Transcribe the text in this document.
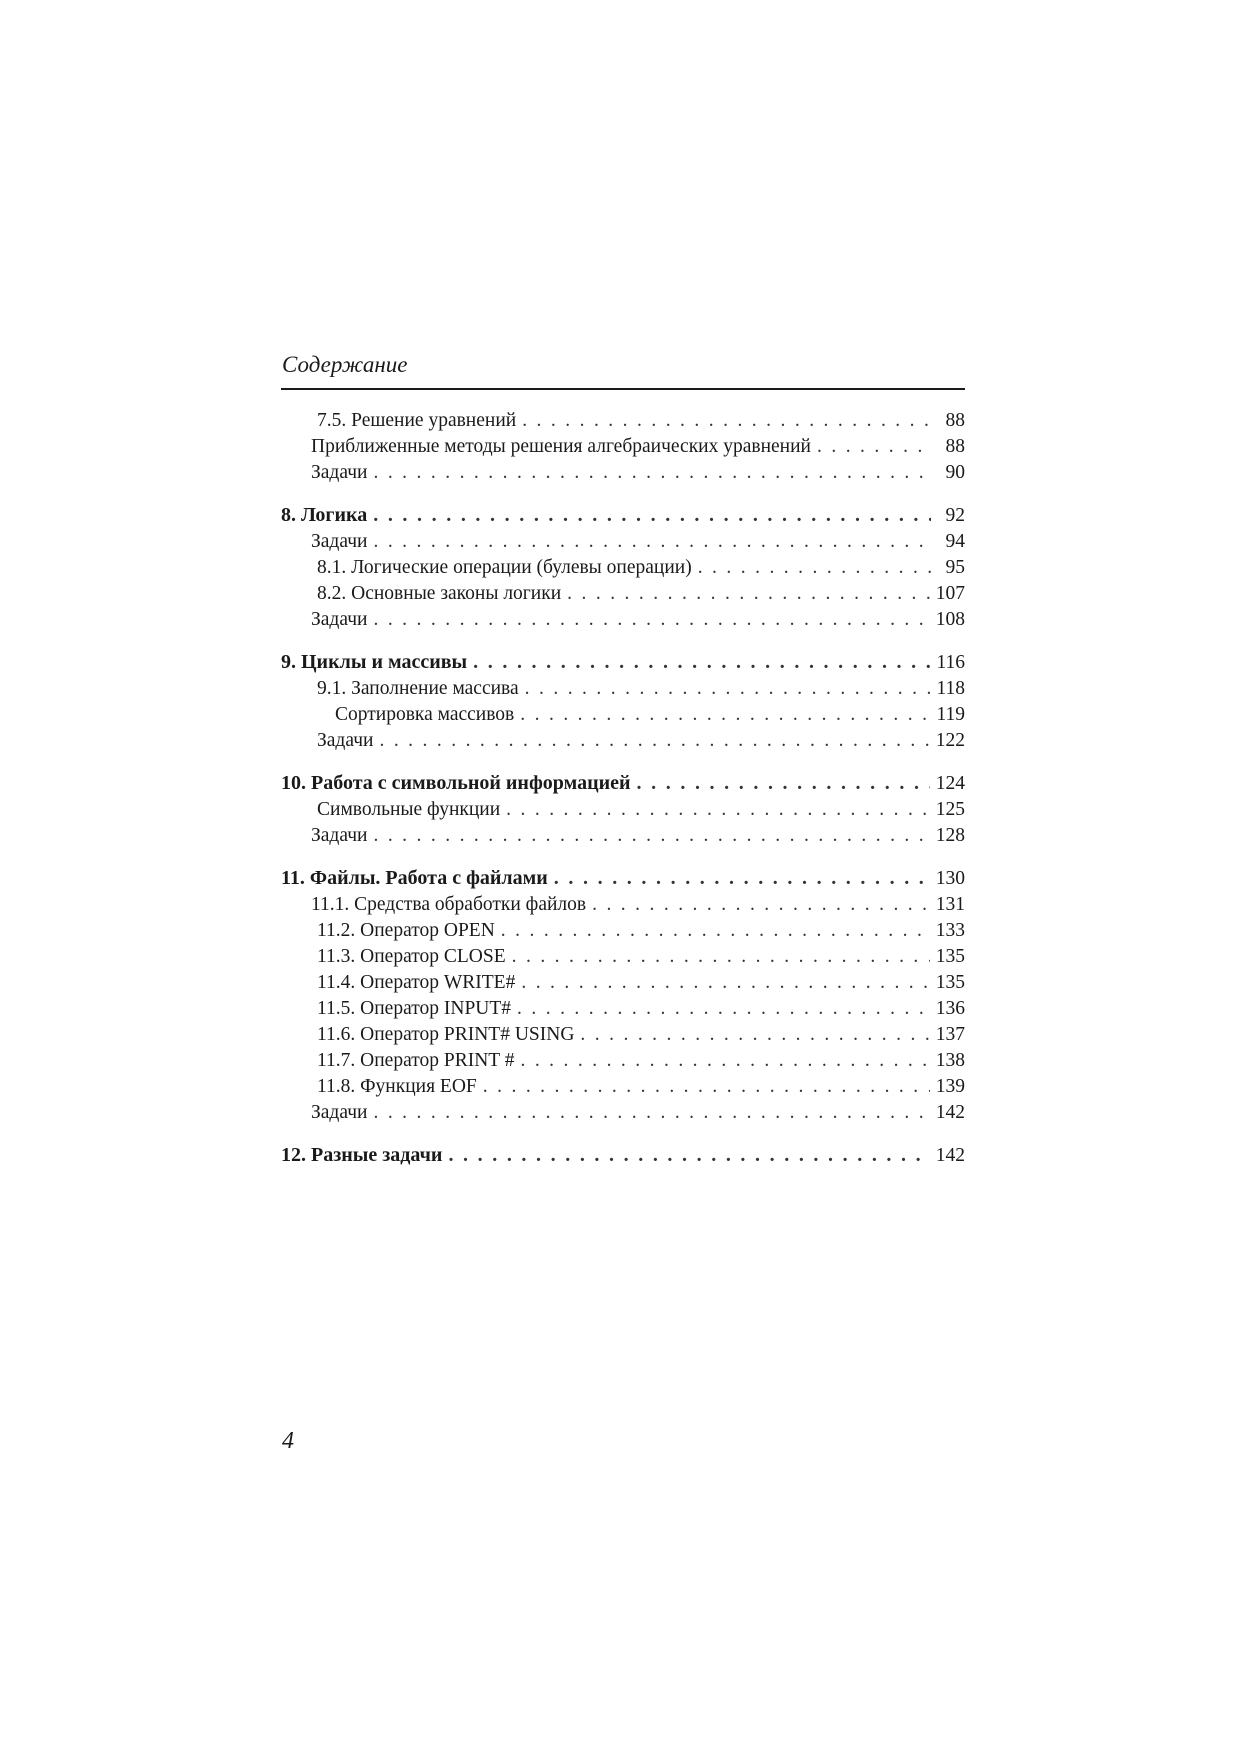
Содержание
7.5. Решение уравнений . . .	88
Приближенные методы решения алгебраических уравнений . . .	88
Задачи . . .	90
8. Логика . . .	92
Задачи . . .	94
8.1. Логические операции (булевы операции) . . .	95
8.2. Основные законы логики . . .	107
Задачи . . .	108
9. Циклы и массивы . . .	116
9.1. Заполнение массива . . .	118
Сортировка массивов . . .	119
Задачи . . .	122
10. Работа с символьной информацией . . .	124
Символьные функции . . .	125
Задачи . . .	128
11. Файлы. Работа с файлами . . .	130
11.1. Средства обработки файлов . . .	131
11.2. Оператор OPEN . . .	133
11.3. Оператор CLOSE . . .	135
11.4. Оператор WRITE# . . .	135
11.5. Оператор INPUT# . . .	136
11.6. Оператор PRINT# USING . . .	137
11.7. Оператор PRINT # . . .	138
11.8. Функция EOF . . .	139
Задачи . . .	142
12. Разные задачи . . .	142
4
